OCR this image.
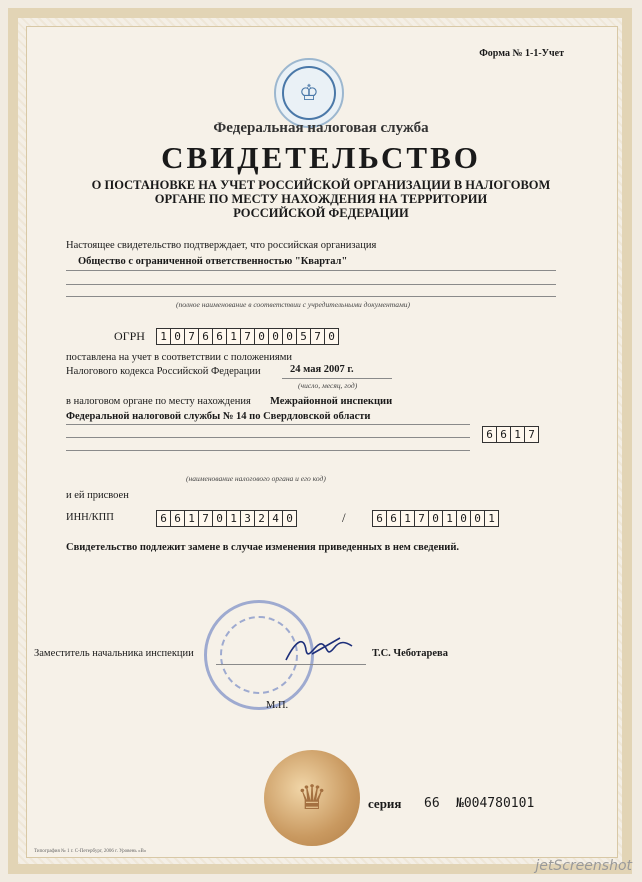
Форма № 1-1-Учет
♔
Федеральная налоговая служба
СВИДЕТЕЛЬСТВО
О ПОСТАНОВКЕ НА УЧЕТ РОССИЙСКОЙ ОРГАНИЗАЦИИ В НАЛОГОВОМ
ОРГАНЕ ПО МЕСТУ НАХОЖДЕНИЯ НА ТЕРРИТОРИИ
РОССИЙСКОЙ ФЕДЕРАЦИИ
Настоящее свидетельство подтверждает, что российская организация
Общество с ограниченной ответственностью "Квартал"
(полное наименование в соответствии с учредительными документами)
ОГРН 1 0 7 6 6 1 7 0 0 0 5 7 0
поставлена на учет в соответствии с положениями
Налогового кодекса Российской Федерации	24 мая 2007 г.
(число, месяц, год)
в налоговом органе по месту нахождения Межрайонной инспекции
Федеральной налоговой службы № 14 по Свердловской области
6 6 1 7
(наименование налогового органа и его код)
и ей присвоен
ИНН/КПП	6 6 1 7 0 1 3 2 4 0	/	6 6 1 7 0 1 0 0 1
Свидетельство подлежит замене в случае изменения приведенных в нем сведений.
Заместитель начальника инспекции	Т.С. Чеботарева
М.П.
♛	серия 66 №004780101
Типография № 1 г. С-Петербург, 2006 г. Уровень «В»
jetScreenshot
